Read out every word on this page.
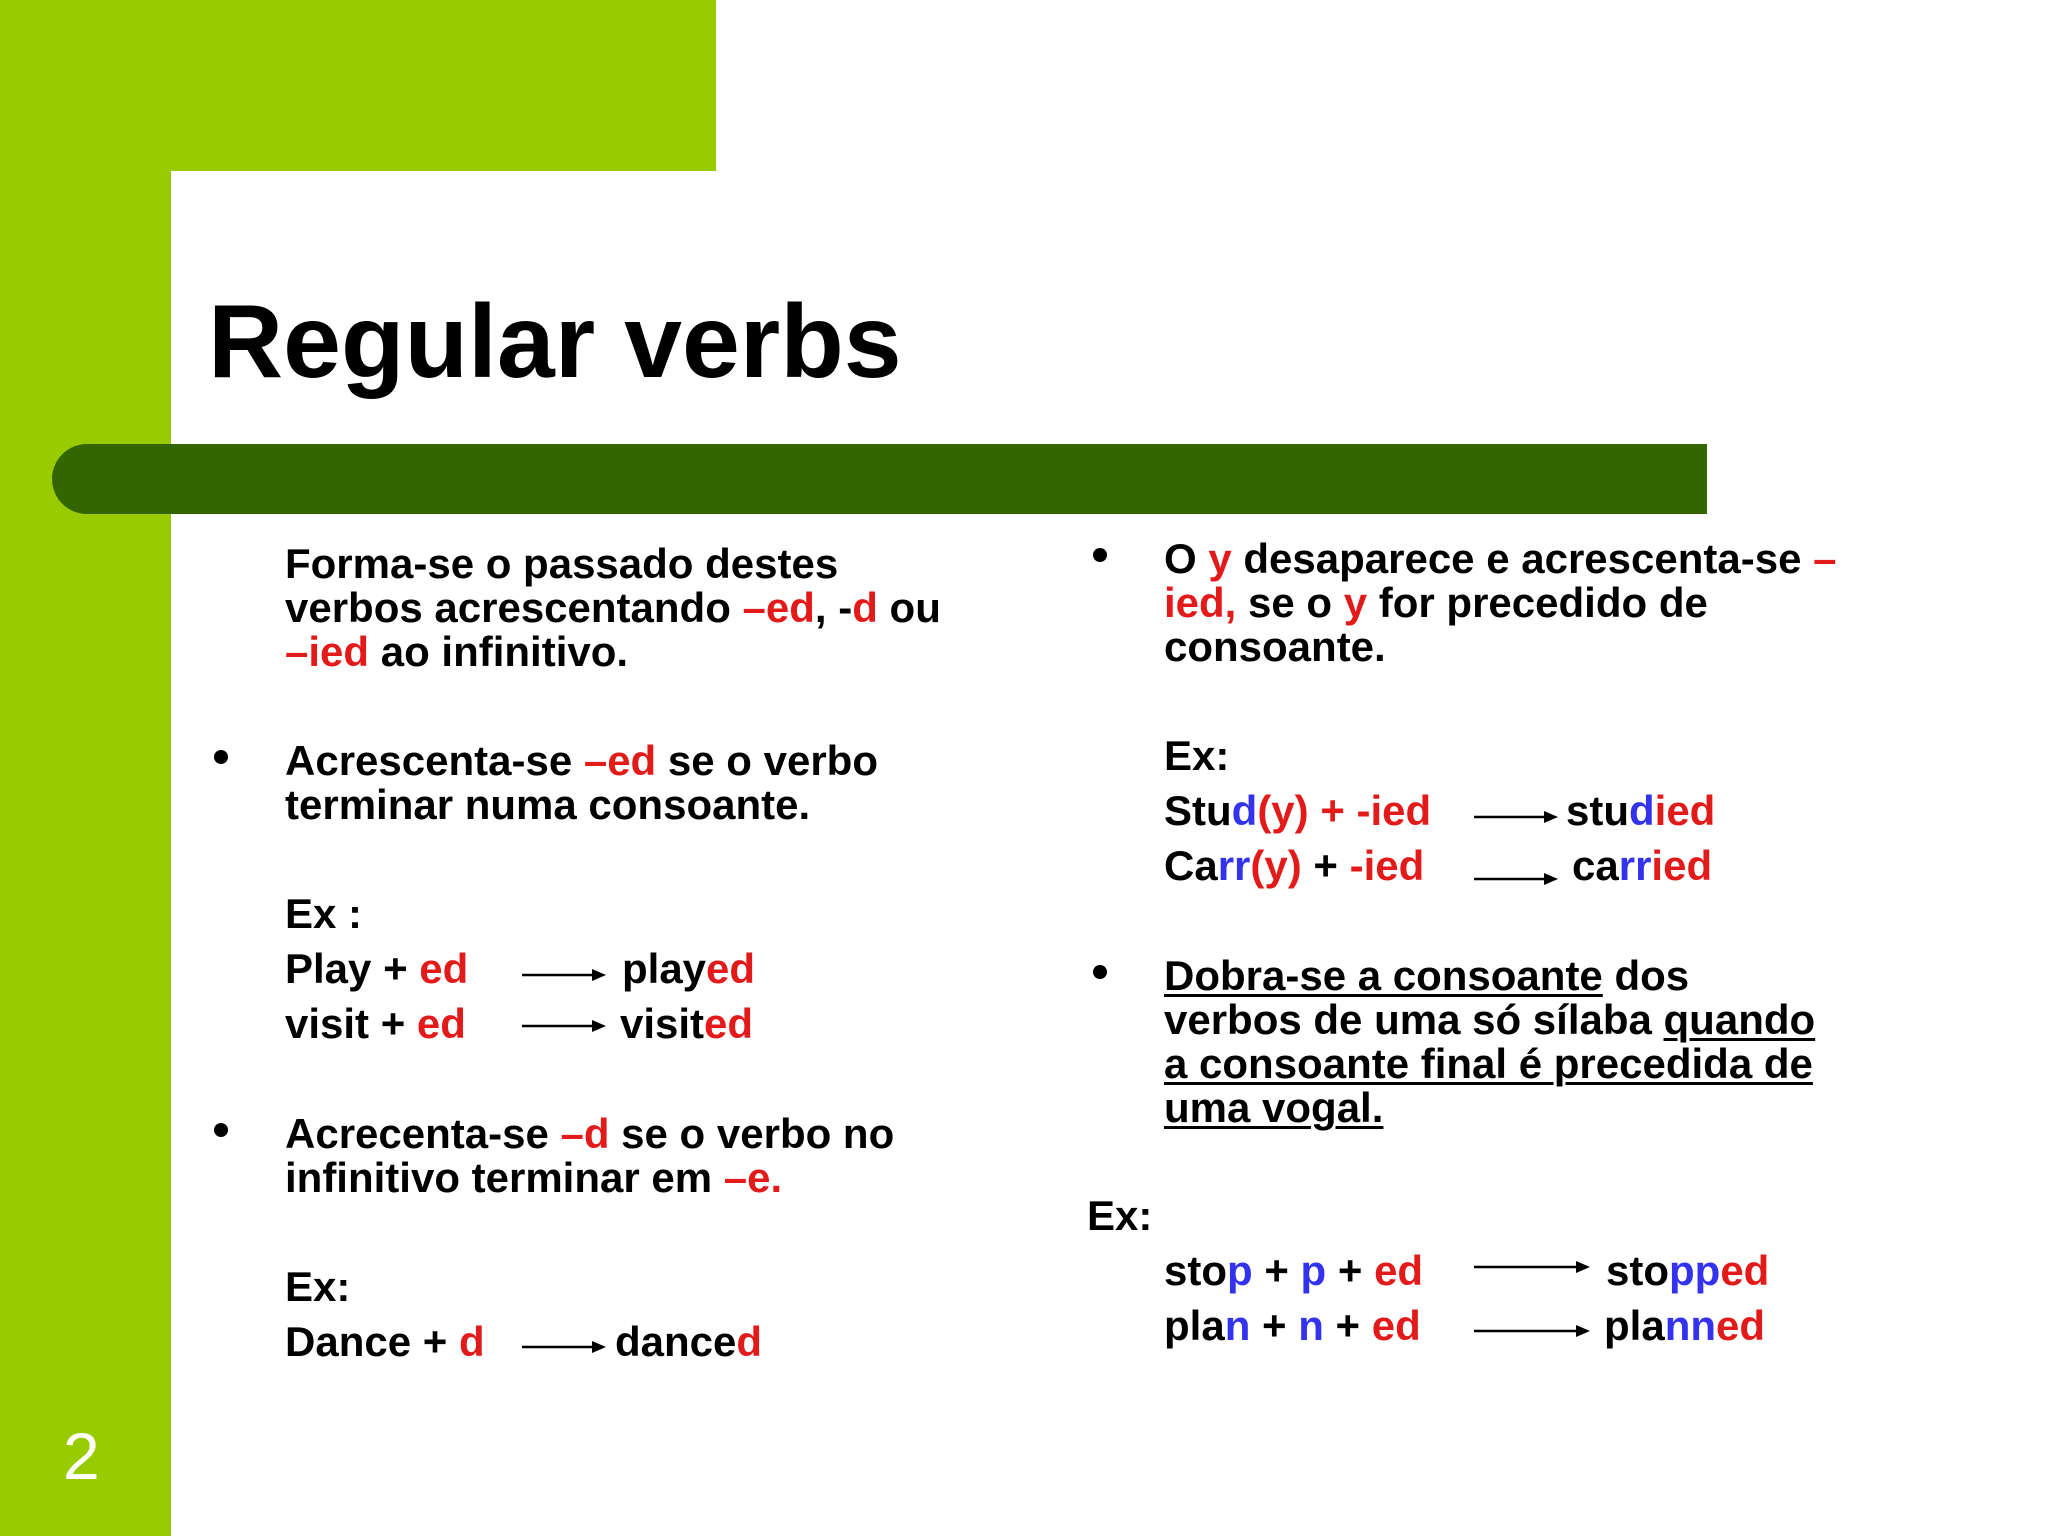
Regular verbs
2

Forma-se o passado destes

verbos acrescentando –ed, -d ou

–ied ao infinitivo.

Acrescenta-se –ed se o verbo

terminar numa consoante.

Ex :

Play + ed	played

visit + ed	visited

Acrecenta-se –d se o verbo no

infinitivo terminar em –e.

Ex:

Dance + d	danced

O y desaparece e acrescenta-se –

ied, se o y for precedido de

consoante.

Ex:

Stud(y) + -ied	studied

Carr(y) + -ied	carried

Dobra-se a consoante dos

verbos de uma só sílaba quando

a consoante final é precedida de

uma vogal.

Ex:

stop + p + ed	stopped

plan + n + ed	planned
